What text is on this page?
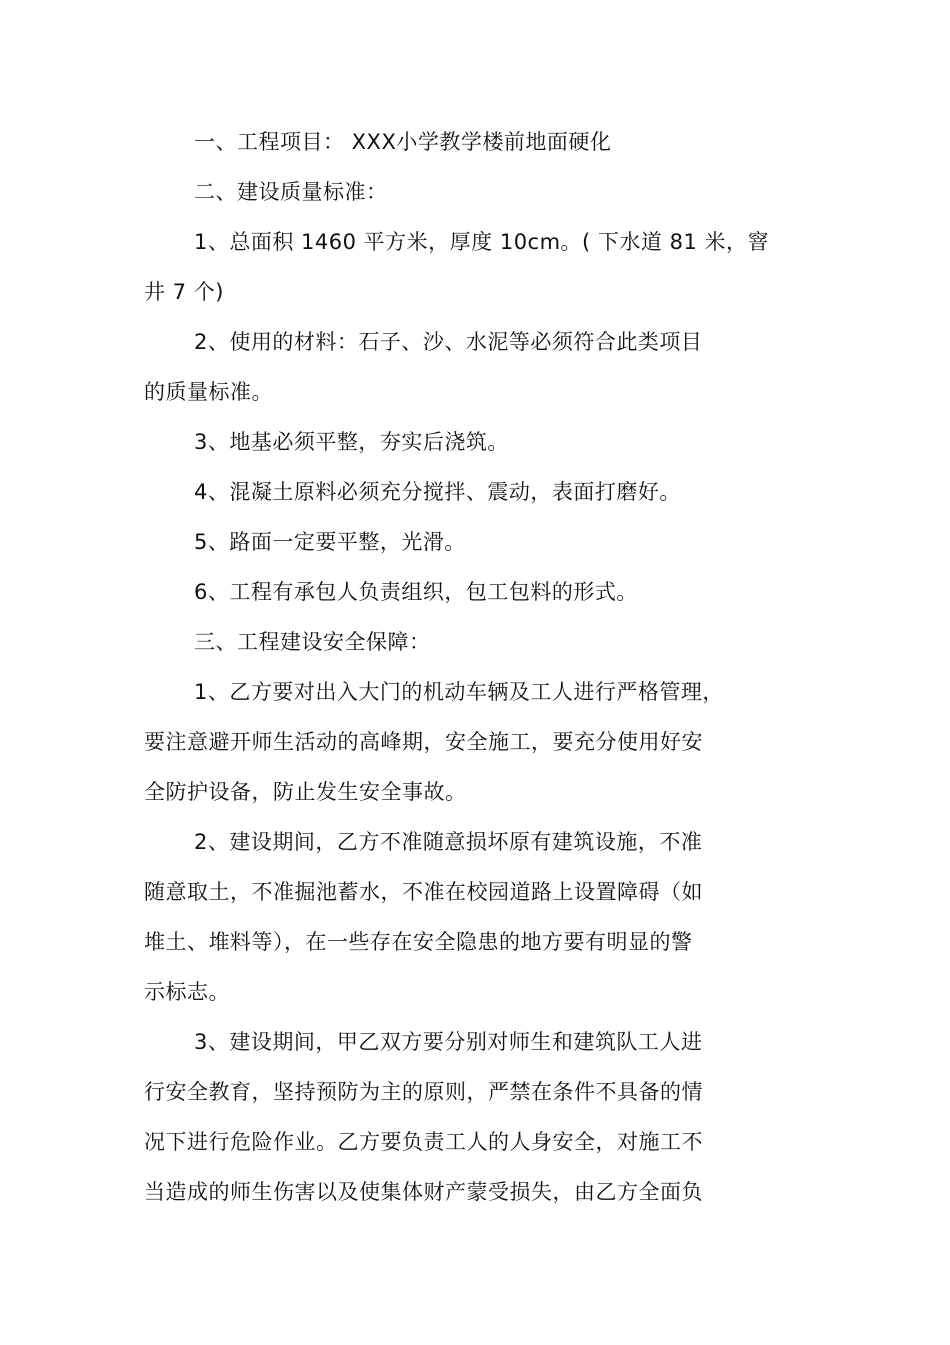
一、工程项目： XXX小学教学楼前地面硬化
二、建设质量标准：
1、总面积 1460 平方米，厚度 10cm。( 下水道 81 米，窨
井 7 个)
2、使用的材料：石子、沙、水泥等必须符合此类项目
的质量标准。
3、地基必须平整，夯实后浇筑。
4、混凝土原料必须充分搅拌、震动，表面打磨好。
5、路面一定要平整，光滑。
6、工程有承包人负责组织，包工包料的形式。
三、工程建设安全保障：
1、乙方要对出入大门的机动车辆及工人进行严格管理，
要注意避开师生活动的高峰期，安全施工，要充分使用好安
全防护设备，防止发生安全事故。
2、建设期间，乙方不准随意损坏原有建筑设施，不准
随意取土，不准掘池蓄水，不准在校园道路上设置障碍（如
堆土、堆料等），在一些存在安全隐患的地方要有明显的警
示标志。
3、建设期间，甲乙双方要分别对师生和建筑队工人进
行安全教育，坚持预防为主的原则，严禁在条件不具备的情
况下进行危险作业。乙方要负责工人的人身安全，对施工不
当造成的师生伤害以及使集体财产蒙受损失，由乙方全面负
